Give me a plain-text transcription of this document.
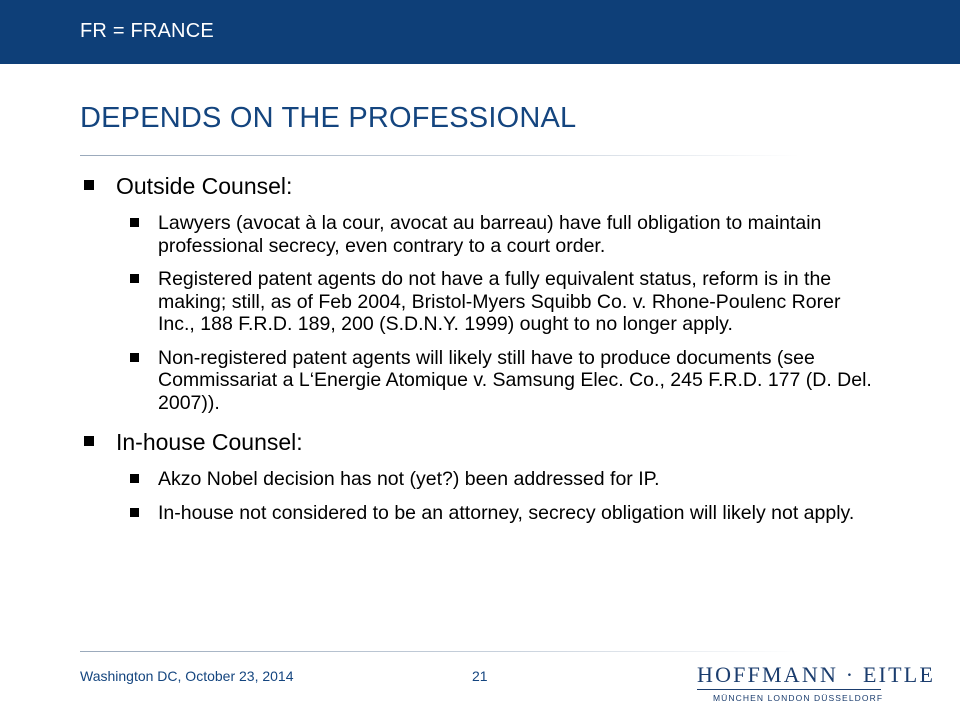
FR = FRANCE
DEPENDS ON THE PROFESSIONAL
Outside Counsel:
Lawyers (avocat à la cour, avocat au barreau) have full obligation to maintain professional secrecy, even contrary to a court order.
Registered patent agents do not have a fully equivalent status, reform is in the making; still, as of Feb 2004, Bristol-Myers Squibb Co. v. Rhone-Poulenc Rorer Inc., 188 F.R.D. 189, 200 (S.D.N.Y. 1999) ought to no longer apply.
Non-registered patent agents will likely still have to produce documents (see Commissariat a L‘Energie Atomique v. Samsung Elec. Co., 245 F.R.D. 177 (D. Del. 2007)).
In-house Counsel:
Akzo Nobel decision has not (yet?) been addressed for IP.
In-house not considered to be an attorney, secrecy obligation will likely not apply.
Washington DC, October 23, 2014	21	HOFFMANN · EITLE
MÜNCHEN LONDON DÜSSELDORF
